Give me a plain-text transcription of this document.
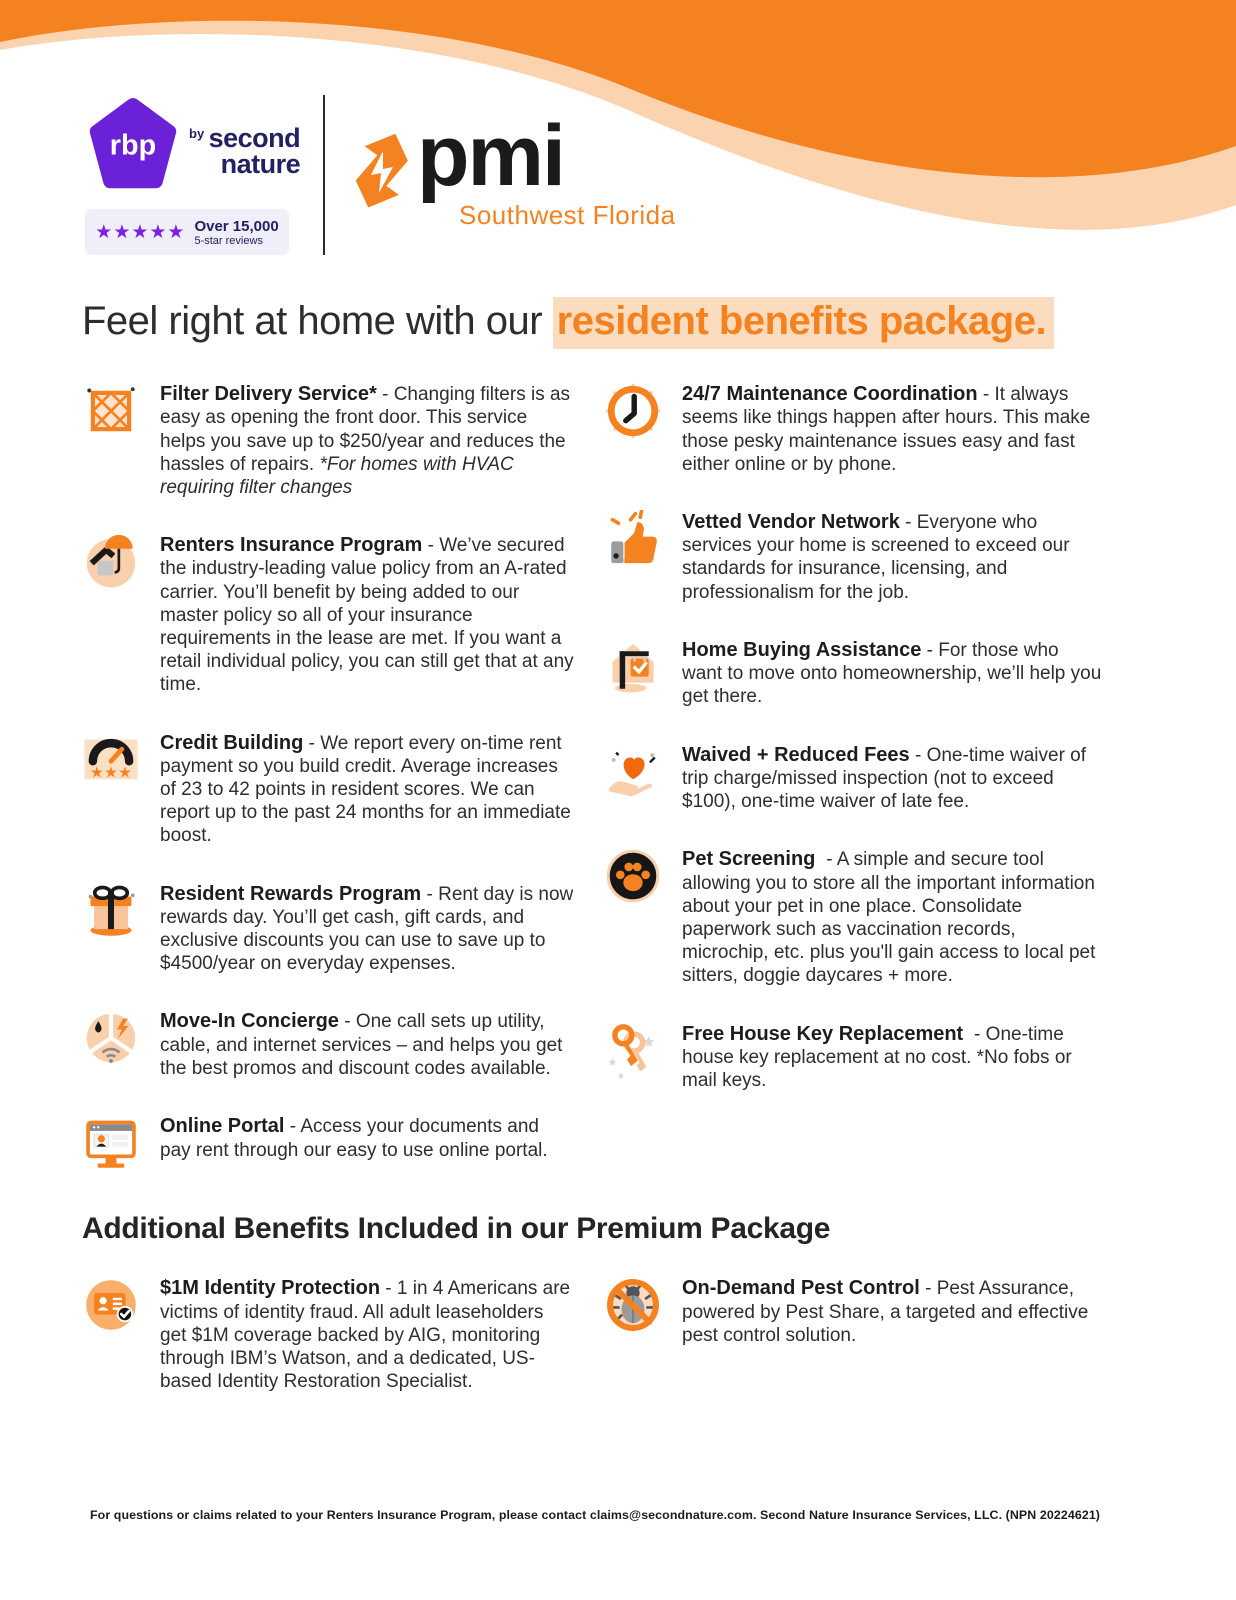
rbp	$^{by}$ second
nature
★★★★★ Over 15,000
5-star reviews
pmi
Southwest Florida
Feel right at home with our resident benefits package.

Filter Delivery Service* - Changing filters is as easy as opening the front door. This service helps you save up to $250/year and reduces the hassles of repairs. *For homes with HVAC requiring filter changes

Renters Insurance Program - We’ve secured the industry-leading value policy from an A-rated carrier. You’ll benefit by being added to our master policy so all of your insurance requirements in the lease are met. If you want a retail individual policy, you can still get that at any time.

★★★

Credit Building - We report every on-time rent payment so you build credit. Average increases of 23 to 42 points in resident scores. We can report up to the past 24 months for an immediate boost.

Resident Rewards Program - Rent day is now rewards day. You’ll get cash, gift cards, and exclusive discounts you can use to save up to $4500/year on everyday expenses.

Move-In Concierge - One call sets up utility, cable, and internet services – and helps you get the best promos and discount codes available.

Online Portal - Access your documents and pay rent through our easy to use online portal.

24/7 Maintenance Coordination - It always seems like things happen after hours. This make those pesky maintenance issues easy and fast either online or by phone.

Vetted Vendor Network - Everyone who services your home is screened to exceed our standards for insurance, licensing, and professionalism for the job.

Home Buying Assistance - For those who want to move onto homeownership, we’ll help you get there.

Waived + Reduced Fees - One-time waiver of trip charge/missed inspection (not to exceed $100), one-time waiver of late fee.

Pet Screening  - A simple and secure tool allowing you to store all the important information about your pet in one place. Consolidate paperwork such as vaccination records, microchip, etc. plus you'll gain access to local pet sitters, doggie daycares + more.

Free House Key Replacement  - One-time house key replacement at no cost. *No fobs or mail keys.

Additional Benefits Included in our Premium Package

$1M Identity Protection - 1 in 4 Americans are victims of identity fraud. All adult leaseholders get $1M coverage backed by AIG, monitoring through IBM’s Watson, and a dedicated, US-based Identity Restoration Specialist.

On-Demand Pest Control - Pest Assurance, powered by Pest Share, a targeted and effective pest control solution.

For questions or claims related to your Renters Insurance Program, please contact claims@secondnature.com. Second Nature Insurance Services, LLC. (NPN 20224621)
